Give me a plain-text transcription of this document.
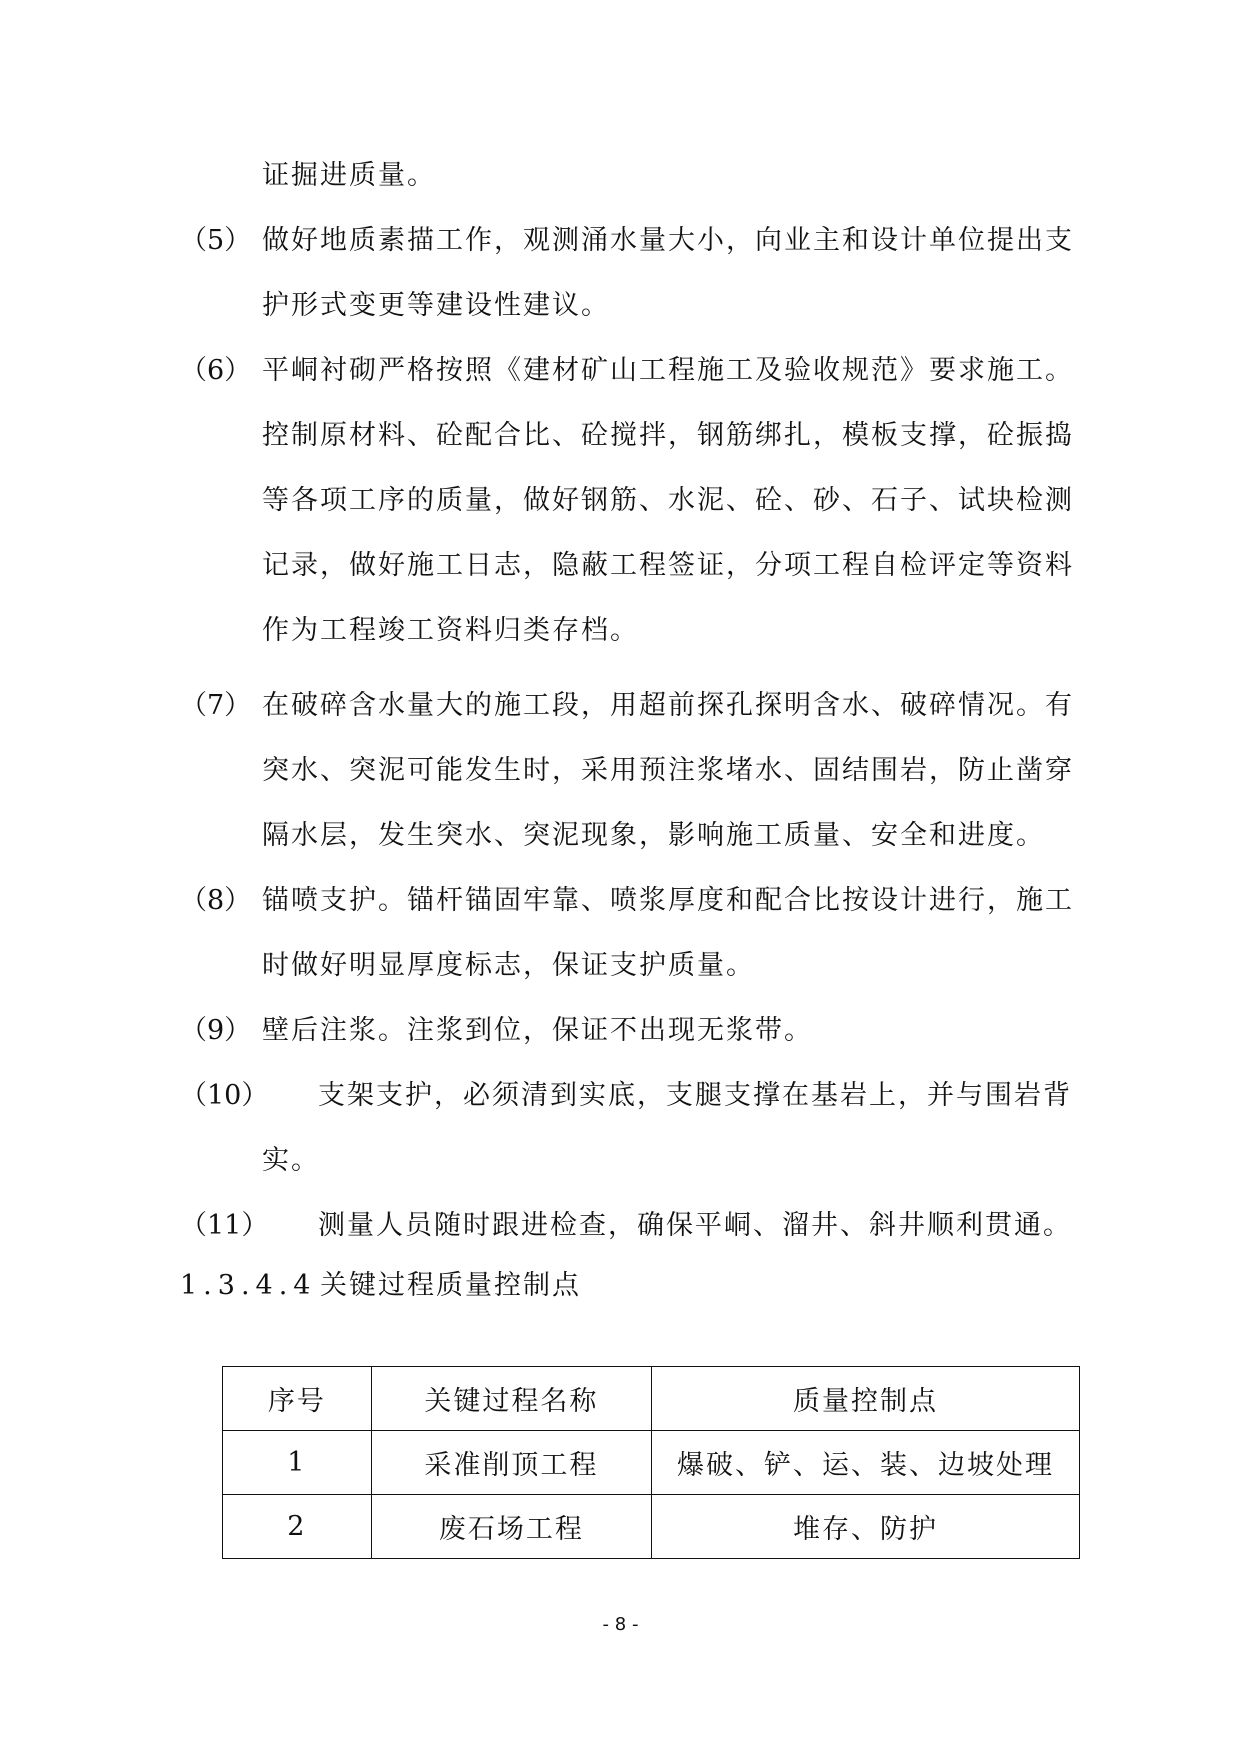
证掘进质量。
（5） 做好地质素描工作，观测涌水量大小，向业主和设计单位提出支
护形式变更等建设性建议。
（6） 平峒衬砌严格按照《建材矿山工程施工及验收规范》要求施工。
控制原材料、砼配合比、砼搅拌，钢筋绑扎，模板支撑，砼振捣
等各项工序的质量，做好钢筋、水泥、砼、砂、石子、试块检测
记录，做好施工日志，隐蔽工程签证，分项工程自检评定等资料
作为工程竣工资料归类存档。
（7） 在破碎含水量大的施工段，用超前探孔探明含水、破碎情况。有
突水、突泥可能发生时，采用预注浆堵水、固结围岩，防止凿穿
隔水层，发生突水、突泥现象，影响施工质量、安全和进度。
（8） 锚喷支护。锚杆锚固牢靠、喷浆厚度和配合比按设计进行，施工
时做好明显厚度标志，保证支护质量。
（9） 壁后注浆。注浆到位，保证不出现无浆带。
（10） 支架支护，必须清到实底，支腿支撑在基岩上，并与围岩背
实。
（11） 测量人员随时跟进检查，确保平峒、溜井、斜井顺利贯通。
1.3.4.4 关键过程质量控制点
序号	关键过程名称	质量控制点
1	采准削顶工程	爆破、铲、运、装、边坡处理
2	废石场工程	堆存、防护
- 8 -
